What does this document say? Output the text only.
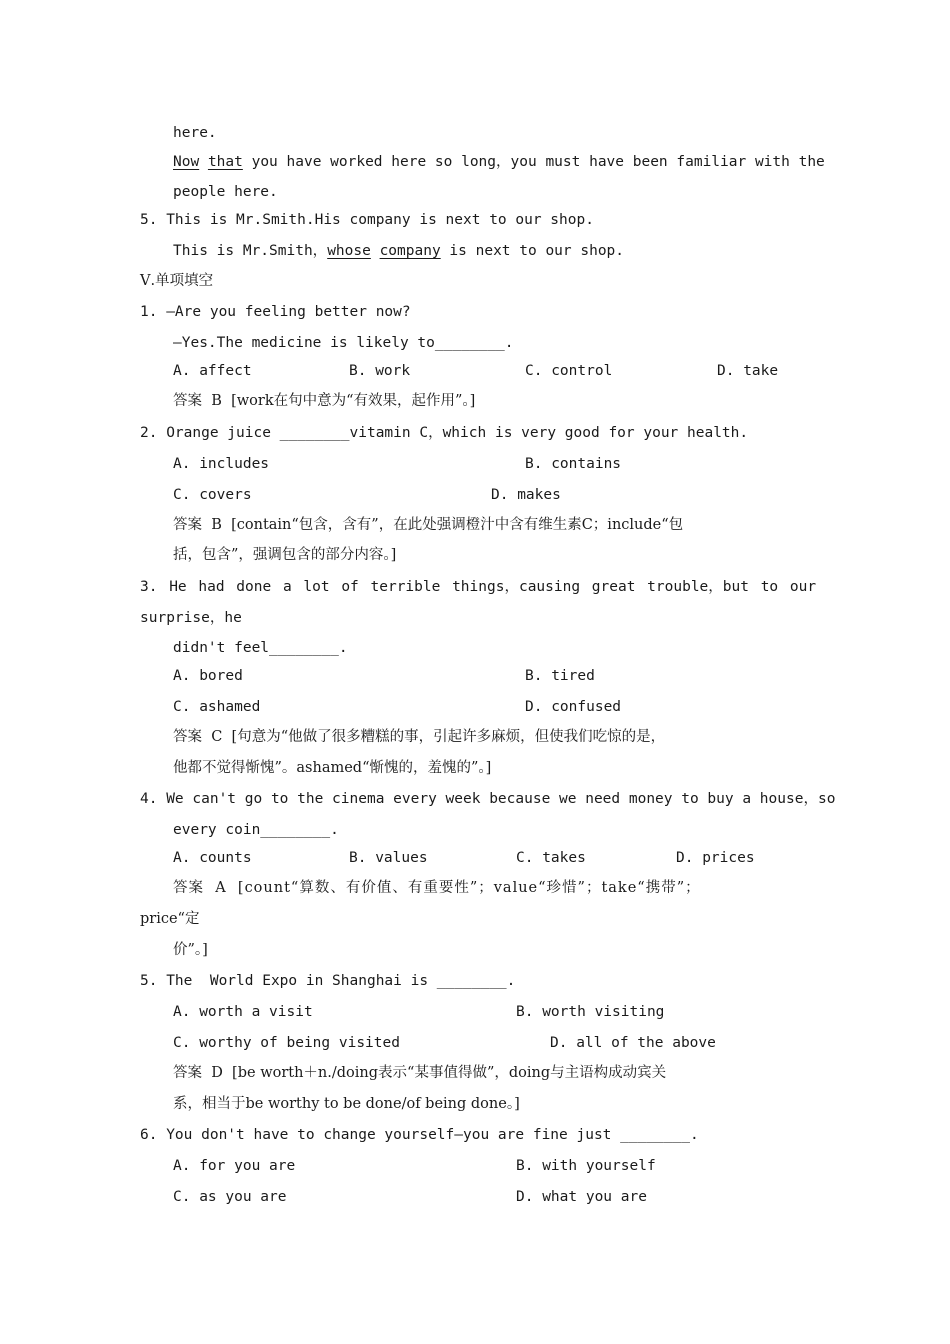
here.
Now that you have worked here so long，you must have been familiar with the
people here.
5. This is Mr.Smith.His company is next to our shop.
This is Mr.Smith，whose company is next to our shop.
Ⅴ.单项填空
1. —Are you feeling better now?
—Yes.The medicine is likely to________.
A. affect	B. work	C. control	D. take
答案  B  [work在句中意为“有效果，起作用”。]
2. Orange juice ________vitamin C，which is very good for your health.
A. includes	B. contains
C. covers	D. makes
答案  B  [contain“包含，含有”，在此处强调橙汁中含有维生素C；include“包
括，包含”，强调包含的部分内容。]
3. He had done a lot of terrible things，causing great trouble，but to our
surprise，he
didn't feel________.
A. bored	B. tired
C. ashamed	D. confused
答案  C  [句意为“他做了很多糟糕的事，引起许多麻烦，但使我们吃惊的是，
他都不觉得惭愧”。ashamed“惭愧的，羞愧的”。]
4. We can't go to the cinema every week because we need money to buy a house，so
every coin________.
A. counts	B. values	C. takes	D. prices
答案  A  [count“算数、有价值、有重要性”；value“珍惜”；take“携带”；
price“定
价”。]
5. The  World Expo in Shanghai is ________.
A. worth a visit	B. worth visiting
C. worthy of being visited	D. all of the above
答案  D  [be worth＋n./doing表示“某事值得做”，doing与主语构成动宾关
系，相当于be worthy to be done/of being done。]
6. You don't have to change yourself—you are fine just ________.
A. for you are	B. with yourself
C. as you are	D. what you are
